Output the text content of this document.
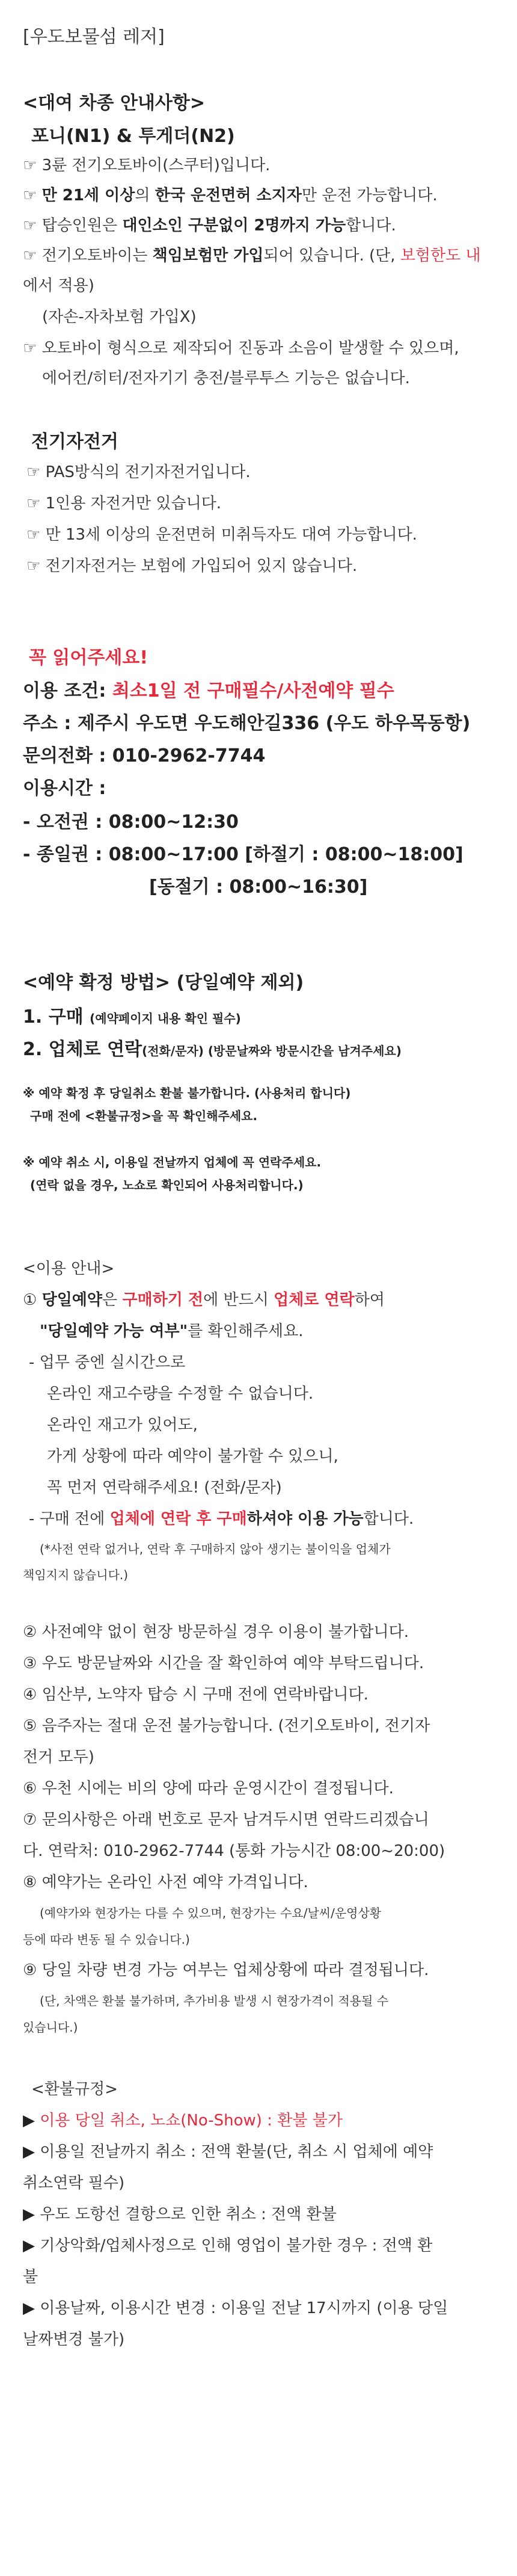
[우도보물섬 레저]
<대여 차종 안내사항>
포니(N1) & 투게더(N2)
☞ 3륜 전기오토바이(스쿠터)입니다.
☞ 만 21세 이상의 한국 운전면허 소지자만 운전 가능합니다.
☞ 탑승인원은 대인소인 구분없이 2명까지 가능합니다.
☞ 전기오토바이는 책임보험만 가입되어 있습니다. (단, 보험한도 내
에서 적용)
(자손-자차보험 가입X)
☞ 오토바이 형식으로 제작되어 진동과 소음이 발생할 수 있으며,
에어컨/히터/전자기기 충전/블루투스 기능은 없습니다.
전기자전거
☞ PAS방식의 전기자전거입니다.
☞ 1인용 자전거만 있습니다.
☞ 만 13세 이상의 운전면허 미취득자도 대여 가능합니다.
☞ 전기자전거는 보험에 가입되어 있지 않습니다.
꼭 읽어주세요!
이용 조건: 최소1일 전 구매필수/사전예약 필수
주소 : 제주시 우도면 우도해안길336 (우도 하우목동항)
문의전화 : 010-2962-7744
이용시간 :
- 오전권 : 08:00~12:30
- 종일권 : 08:00~17:00 [하절기 : 08:00~18:00]
[동절기 : 08:00~16:30]
<예약 확정 방법> (당일예약 제외)
1. 구매 (예약페이지 내용 확인 필수)
2. 업체로 연락(전화/문자) (방문날짜와 방문시간을 남겨주세요)
※ 예약 확정 후 당일취소 환불 불가합니다. (사용처리 합니다)
구매 전에 <환불규정>을 꼭 확인해주세요.
※ 예약 취소 시, 이용일 전날까지 업체에 꼭 연락주세요.
(연락 없을 경우, 노쇼로 확인되어 사용처리합니다.)
<이용 안내>
① 당일예약은 구매하기 전에 반드시 업체로 연락하여
"당일예약 가능 여부"를 확인해주세요.
- 업무 중엔 실시간으로
온라인 재고수량을 수정할 수 없습니다.
온라인 재고가 있어도,
가게 상황에 따라 예약이 불가할 수 있으니,
꼭 먼저 연락해주세요! (전화/문자)
- 구매 전에 업체에 연락 후 구매하셔야 이용 가능합니다.
(*사전 연락 없거나, 연락 후 구매하지 않아 생기는 불이익을 업체가
책임지지 않습니다.)
② 사전예약 없이 현장 방문하실 경우 이용이 불가합니다.
③ 우도 방문날짜와 시간을 잘 확인하여 예약 부탁드립니다.
④ 임산부, 노약자 탑승 시 구매 전에 연락바랍니다.
⑤ 음주자는 절대 운전 불가능합니다. (전기오토바이, 전기자
전거 모두)
⑥ 우천 시에는 비의 양에 따라 운영시간이 결정됩니다.
⑦ 문의사항은 아래 번호로 문자 남겨두시면 연락드리겠습니
다. 연락처: 010-2962-7744 (통화 가능시간 08:00~20:00)
⑧ 예약가는 온라인 사전 예약 가격입니다.
(예약가와 현장가는 다를 수 있으며, 현장가는 수요/날씨/운영상황
등에 따라 변동 될 수 있습니다.)
⑨ 당일 차량 변경 가능 여부는 업체상황에 따라 결정됩니다.
(단, 차액은 환불 불가하며, 추가비용 발생 시 현장가격이 적용될 수
있습니다.)
<환불규정>
▶ 이용 당일 취소, 노쇼(No-Show) : 환불 불가
▶ 이용일 전날까지 취소 : 전액 환불(단, 취소 시 업체에 예약
취소연락 필수)
▶ 우도 도항선 결항으로 인한 취소 : 전액 환불
▶ 기상악화/업체사정으로 인해 영업이 불가한 경우 : 전액 환
불
▶ 이용날짜, 이용시간 변경 : 이용일 전날 17시까지 (이용 당일
날짜변경 불가)
